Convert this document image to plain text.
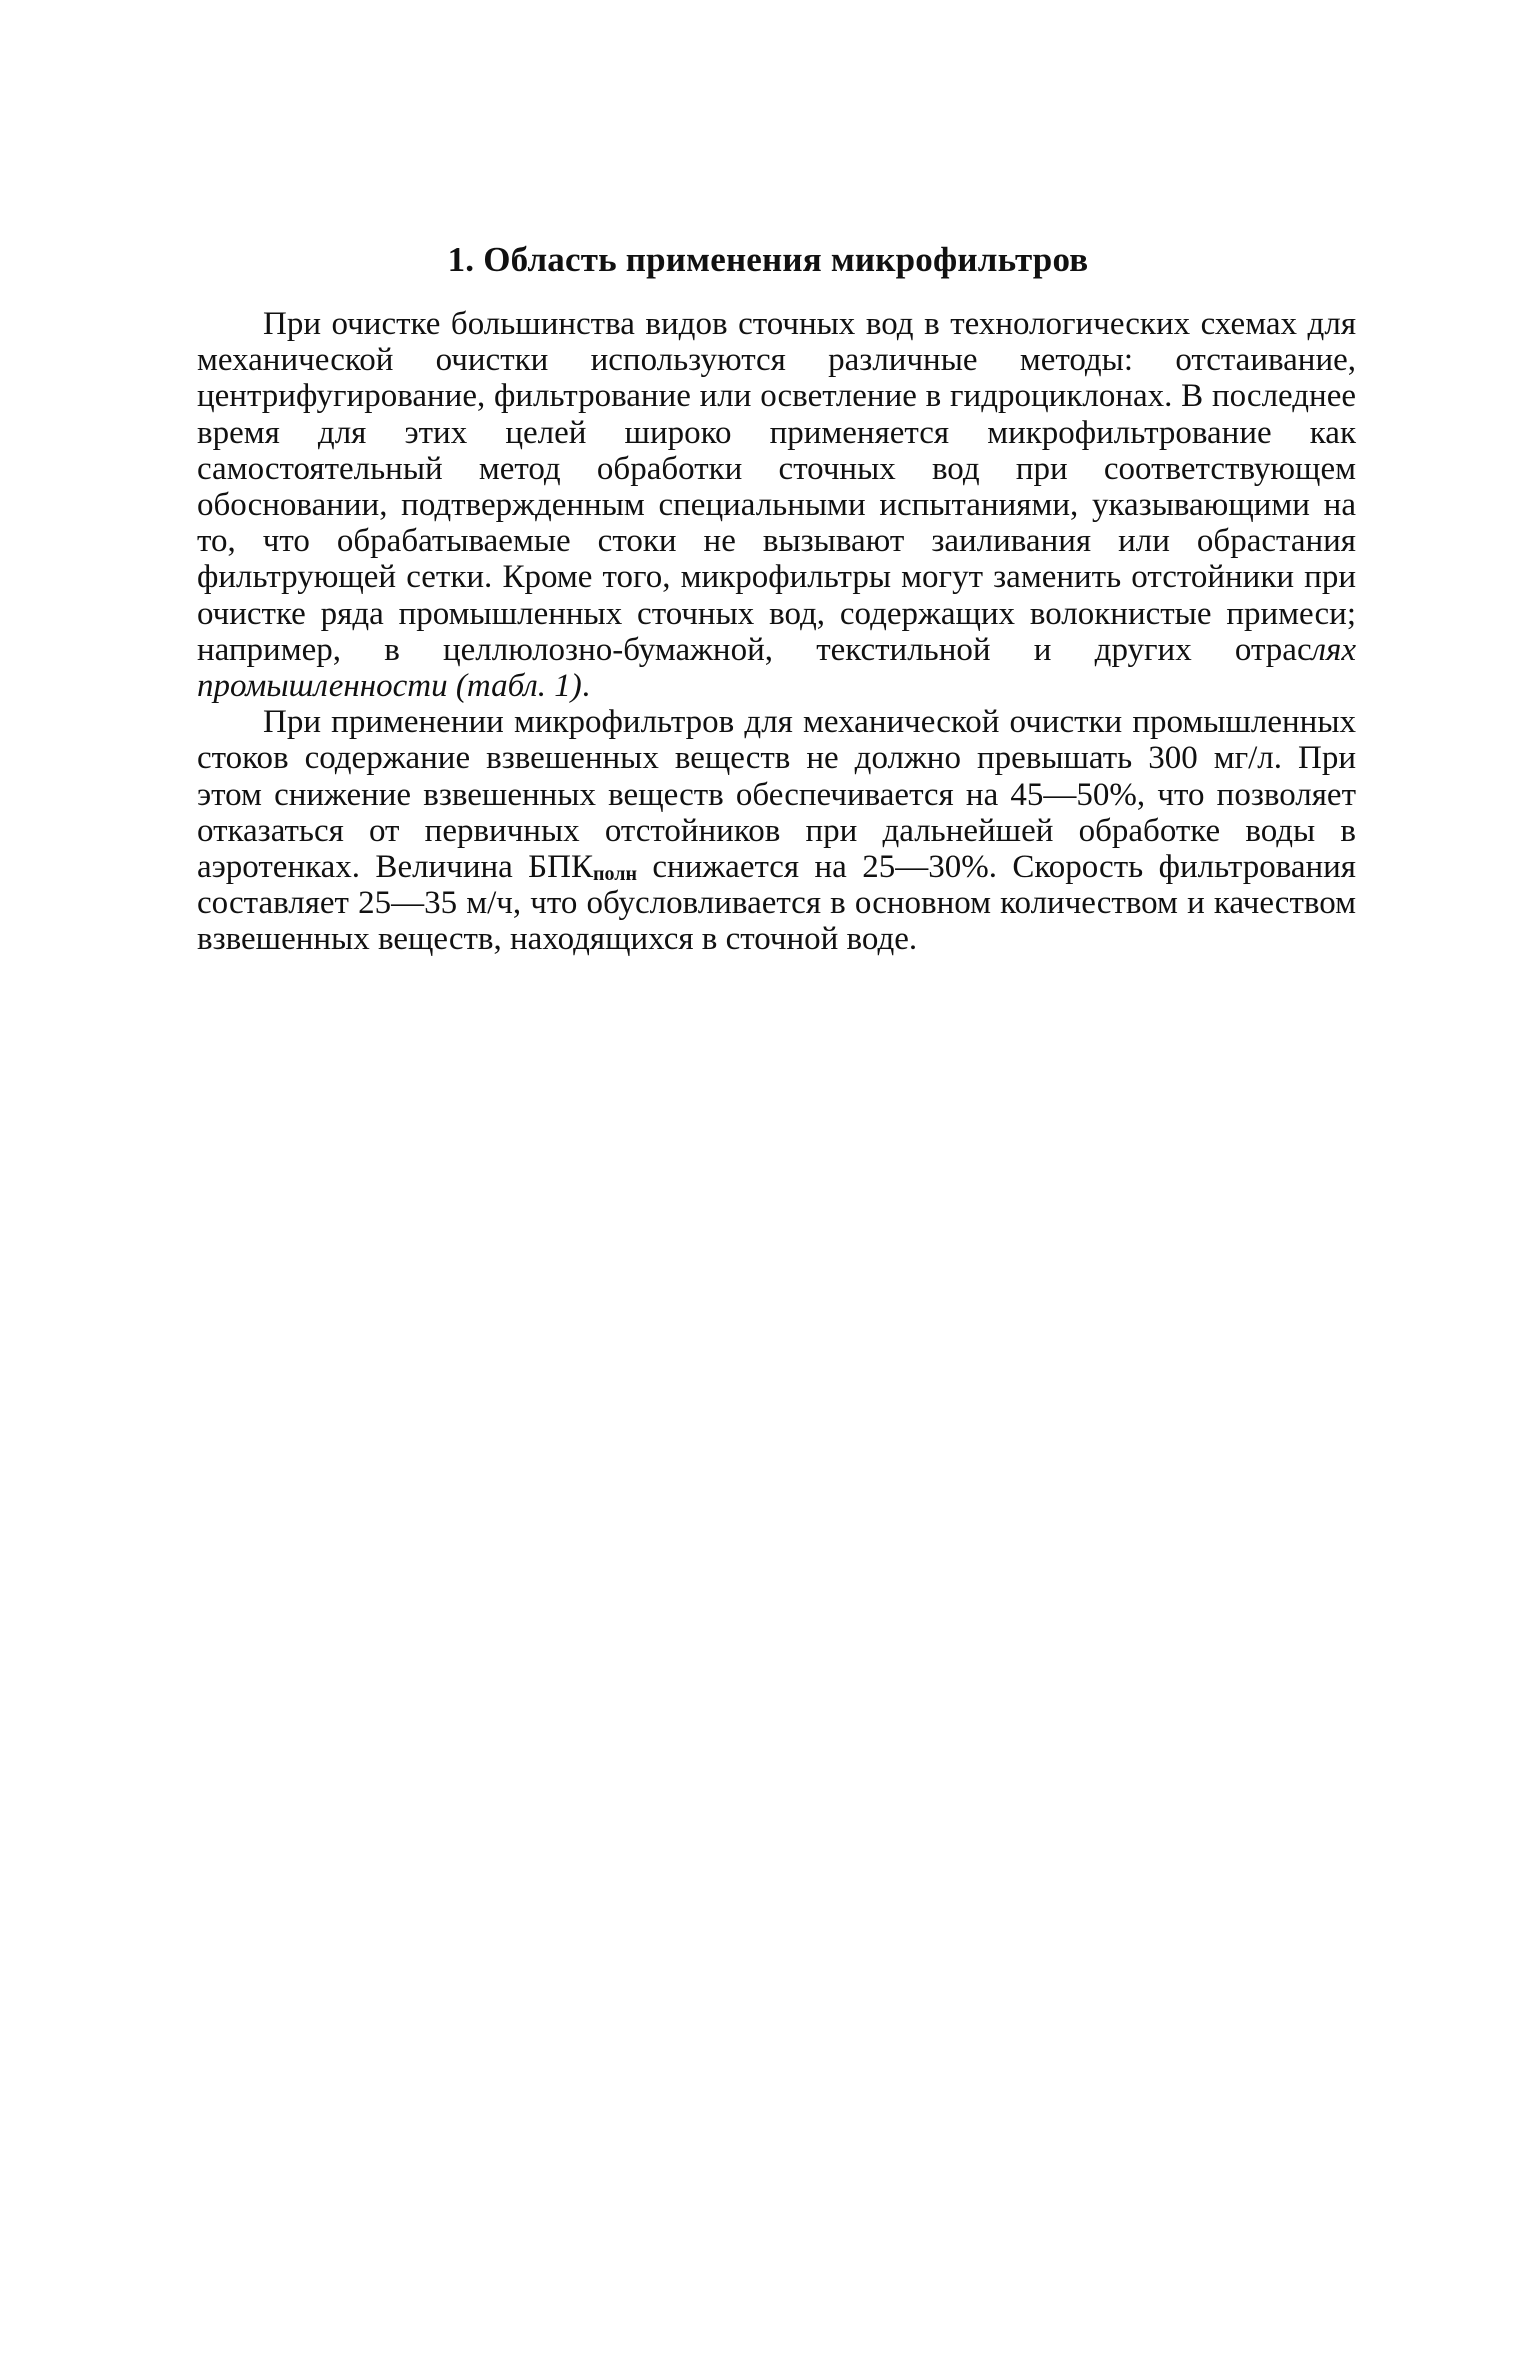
1. Область применения микрофильтров

При очистке большинства видов сточных вод в технологических схемах для механической очистки используются различные методы: отстаивание, центрифугирование, фильтрование или осветление в гидроциклонах. В последнее время для этих целей широко применяется микрофильтрование как самостоятельный метод обработки сточных вод при соответствующем обосновании, подтвержденным специальными испытаниями, указывающими на то, что обрабатываемые стоки не вызывают заиливания или обрастания фильтрующей сетки. Кроме того, микрофильтры могут заменить отстойники при очистке ряда промышленных сточных вод, содержащих волокнистые примеси; например, в целлюлозно-бумажной, текстильной и других отраслях промышленности (табл. 1).

При применении микрофильтров для механической очистки промышленных стоков содержание взвешенных веществ не должно превышать 300 мг/л. При этом снижение взвешенных веществ обеспечивается на 45—50%, что позволяет отказаться от первичных отстойников при дальнейшей обработке воды в аэротенках. Величина $БПК_{полн}$ снижается на 25—30%. Скорость фильтрования составляет 25—35 м/ч, что обусловливается в основном количеством и качеством взвешенных веществ, находящихся в сточной воде.
